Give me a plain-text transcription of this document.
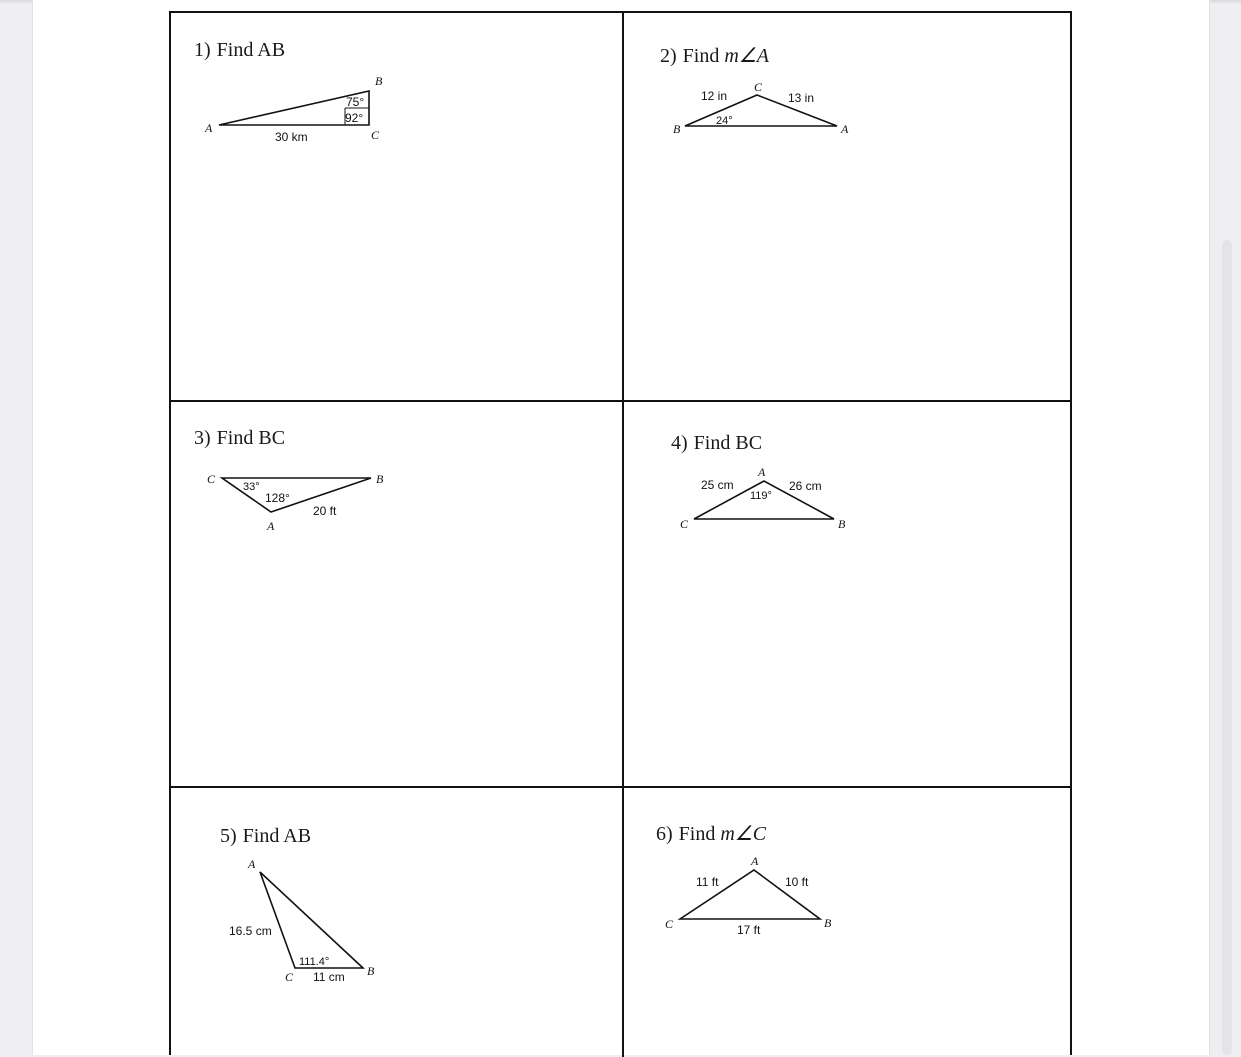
1) Find AB
B
A	C
75°
92°
30 km
2) Find m∠A
C
B	A
12 in	13 in
24°
3) Find BC
C	B
A
33°
128°
20 ft
4) Find BC
A
C	B
25 cm	26 cm
119°
5) Find AB
A
C	B
16.5 cm
111.4°
11 cm
6) Find m∠C
A
C	B
11 ft	10 ft
17 ft
